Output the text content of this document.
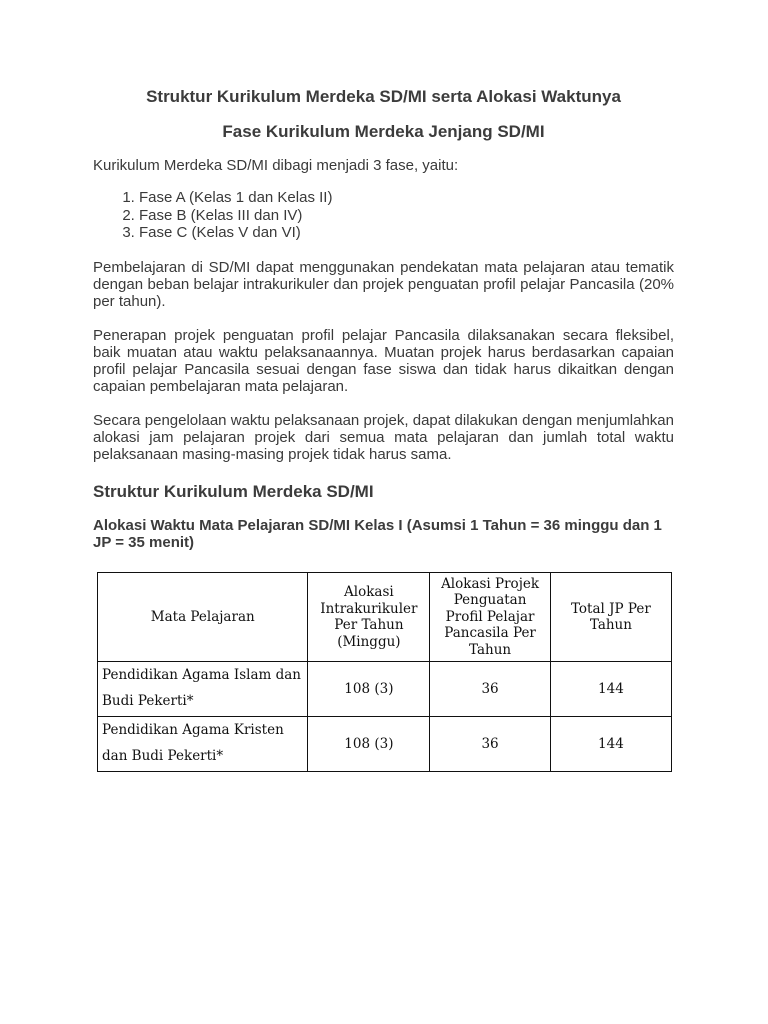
Struktur Kurikulum Merdeka SD/MI serta Alokasi Waktunya
Fase Kurikulum Merdeka Jenjang SD/MI

Kurikulum Merdeka SD/MI dibagi menjadi 3 fase, yaitu:

1. Fase A (Kelas 1 dan Kelas II)
2. Fase B (Kelas III dan IV)
3. Fase C (Kelas V dan VI)

Pembelajaran di SD/MI dapat menggunakan pendekatan mata pelajaran atau tematik dengan beban belajar intrakurikuler dan projek penguatan profil pelajar Pancasila (20% per tahun).

Penerapan projek penguatan profil pelajar Pancasila dilaksanakan secara fleksibel, baik muatan atau waktu pelaksanaannya. Muatan projek harus berdasarkan capaian profil pelajar Pancasila sesuai dengan fase siswa dan tidak harus dikaitkan dengan capaian pembelajaran mata pelajaran.

Secara pengelolaan waktu pelaksanaan projek, dapat dilakukan dengan menjumlahkan alokasi jam pelajaran projek dari semua mata pelajaran dan jumlah total waktu pelaksanaan masing-masing projek tidak harus sama.

Struktur Kurikulum Merdeka SD/MI
Alokasi Waktu Mata Pelajaran SD/MI Kelas I (Asumsi 1 Tahun = 36 minggu dan 1 JP = 35 menit)
Mata Pelajaran	Alokasi Intrakurikuler Per Tahun (Minggu)	Alokasi Projek Penguatan Profil Pelajar Pancasila Per Tahun	Total JP Per Tahun
Pendidikan Agama Islam dan Budi Pekerti*	108 (3)	36	144
Pendidikan Agama Kristen dan Budi Pekerti*	108 (3)	36	144
